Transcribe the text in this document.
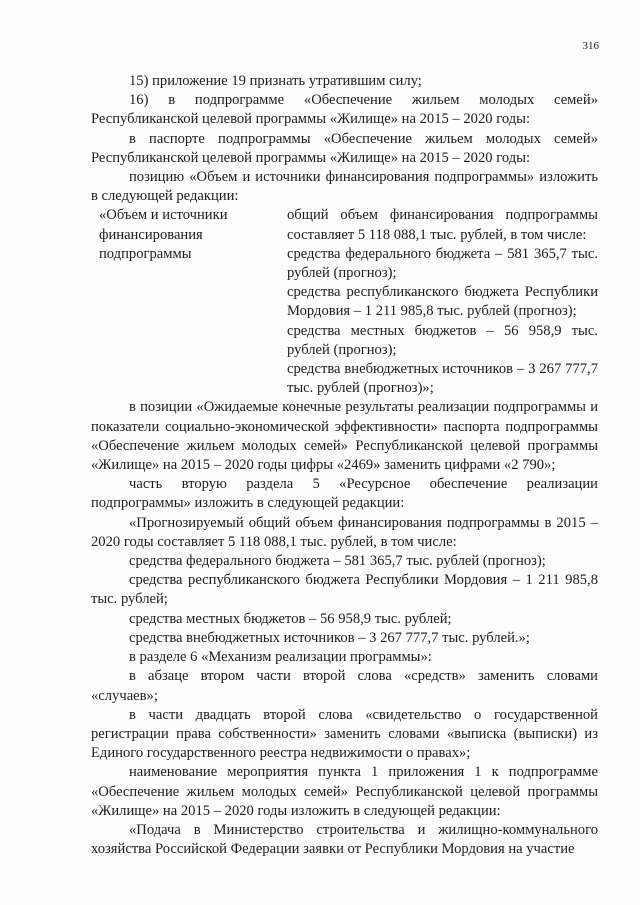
316

15) приложение 19 признать утратившим силу;

16) в подпрограмме «Обеспечение жильем молодых семей» Республиканской целевой программы «Жилище» на 2015 – 2020 годы:

в паспорте подпрограммы «Обеспечение жильем молодых семей» Республиканской целевой программы «Жилище» на 2015 – 2020 годы:

позицию «Объем и источники финансирования подпрограммы» изложить в следующей редакции:

«Объем и источники финансирования подпрограммы

общий объем финансирования подпрограммы составляет 5 118 088,1 тыс. рублей, в том числе:

средства федерального бюджета – 581 365,7 тыс. рублей (прогноз);

средства республиканского бюджета Республики Мордовия – 1 211 985,8 тыс. рублей (прогноз);

средства местных бюджетов – 56 958,9 тыс. рублей (прогноз);

средства внебюджетных источников – 3 267 777,7 тыс. рублей (прогноз)»;

в позиции «Ожидаемые конечные результаты реализации подпрограммы и показатели социально-экономической эффективности» паспорта подпрограммы «Обеспечение жильем молодых семей» Республиканской целевой программы «Жилище» на 2015 – 2020 годы цифры «2469» заменить цифрами «2 790»;

часть вторую раздела 5 «Ресурсное обеспечение реализации подпрограммы» изложить в следующей редакции:

«Прогнозируемый общий объем финансирования подпрограммы в 2015 – 2020 годы составляет 5 118 088,1 тыс. рублей, в том числе:

средства федерального бюджета – 581 365,7 тыс. рублей (прогноз);

средства республиканского бюджета Республики Мордовия – 1 211 985,8 тыс. рублей;

средства местных бюджетов – 56 958,9 тыс. рублей;

средства внебюджетных источников – 3 267 777,7 тыс. рублей.»;

в разделе 6 «Механизм реализации программы»:

в абзаце втором части второй слова «средств» заменить словами «случаев»;

в части двадцать второй слова «свидетельство о государственной регистрации права собственности» заменить словами «выписка (выписки) из Единого государственного реестра недвижимости о правах»;

наименование мероприятия пункта 1 приложения 1 к подпрограмме «Обеспечение жильем молодых семей» Республиканской целевой программы «Жилище» на 2015 – 2020 годы изложить в следующей редакции:

«Подача в Министерство строительства и жилищно-коммунального хозяйства Российской Федерации заявки от Республики Мордовия на участие
